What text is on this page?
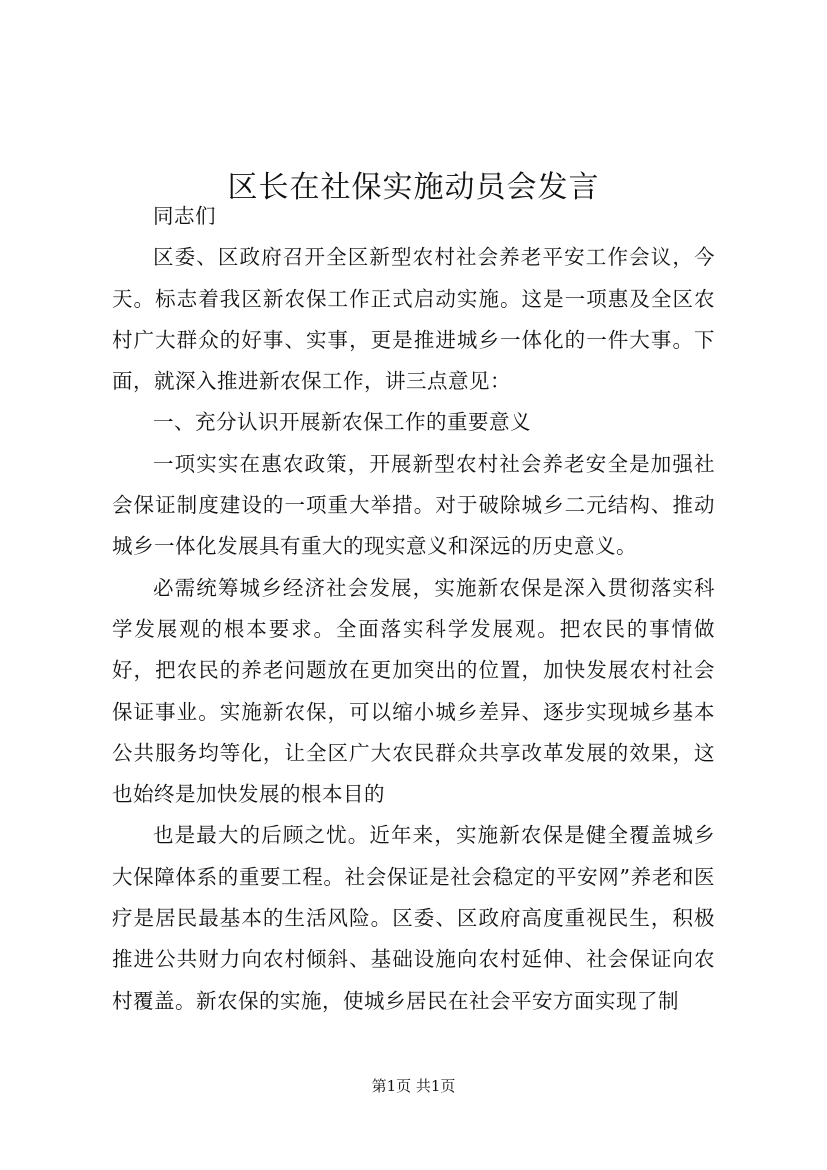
区长在社保实施动员会发言

同志们

区委、区政府召开全区新型农村社会养老平安工作会议，今天。标志着我区新农保工作正式启动实施。这是一项惠及全区农村广大群众的好事、实事，更是推进城乡一体化的一件大事。下面，就深入推进新农保工作，讲三点意见：

一、充分认识开展新农保工作的重要意义

一项实实在惠农政策，开展新型农村社会养老安全是加强社会保证制度建设的一项重大举措。对于破除城乡二元结构、推动城乡一体化发展具有重大的现实意义和深远的历史意义。

必需统筹城乡经济社会发展，实施新农保是深入贯彻落实科学发展观的根本要求。全面落实科学发展观。把农民的事情做好，把农民的养老问题放在更加突出的位置，加快发展农村社会保证事业。实施新农保，可以缩小城乡差异、逐步实现城乡基本公共服务均等化，让全区广大农民群众共享改革发展的效果，这也始终是加快发展的根本目的

也是最大的后顾之忧。近年来，实施新农保是健全覆盖城乡大保障体系的重要工程。社会保证是社会稳定的平安网”养老和医疗是居民最基本的生活风险。区委、区政府高度重视民生，积极推进公共财力向农村倾斜、基础设施向农村延伸、社会保证向农村覆盖。新农保的实施，使城乡居民在社会平安方面实现了制

第1页 共1页
